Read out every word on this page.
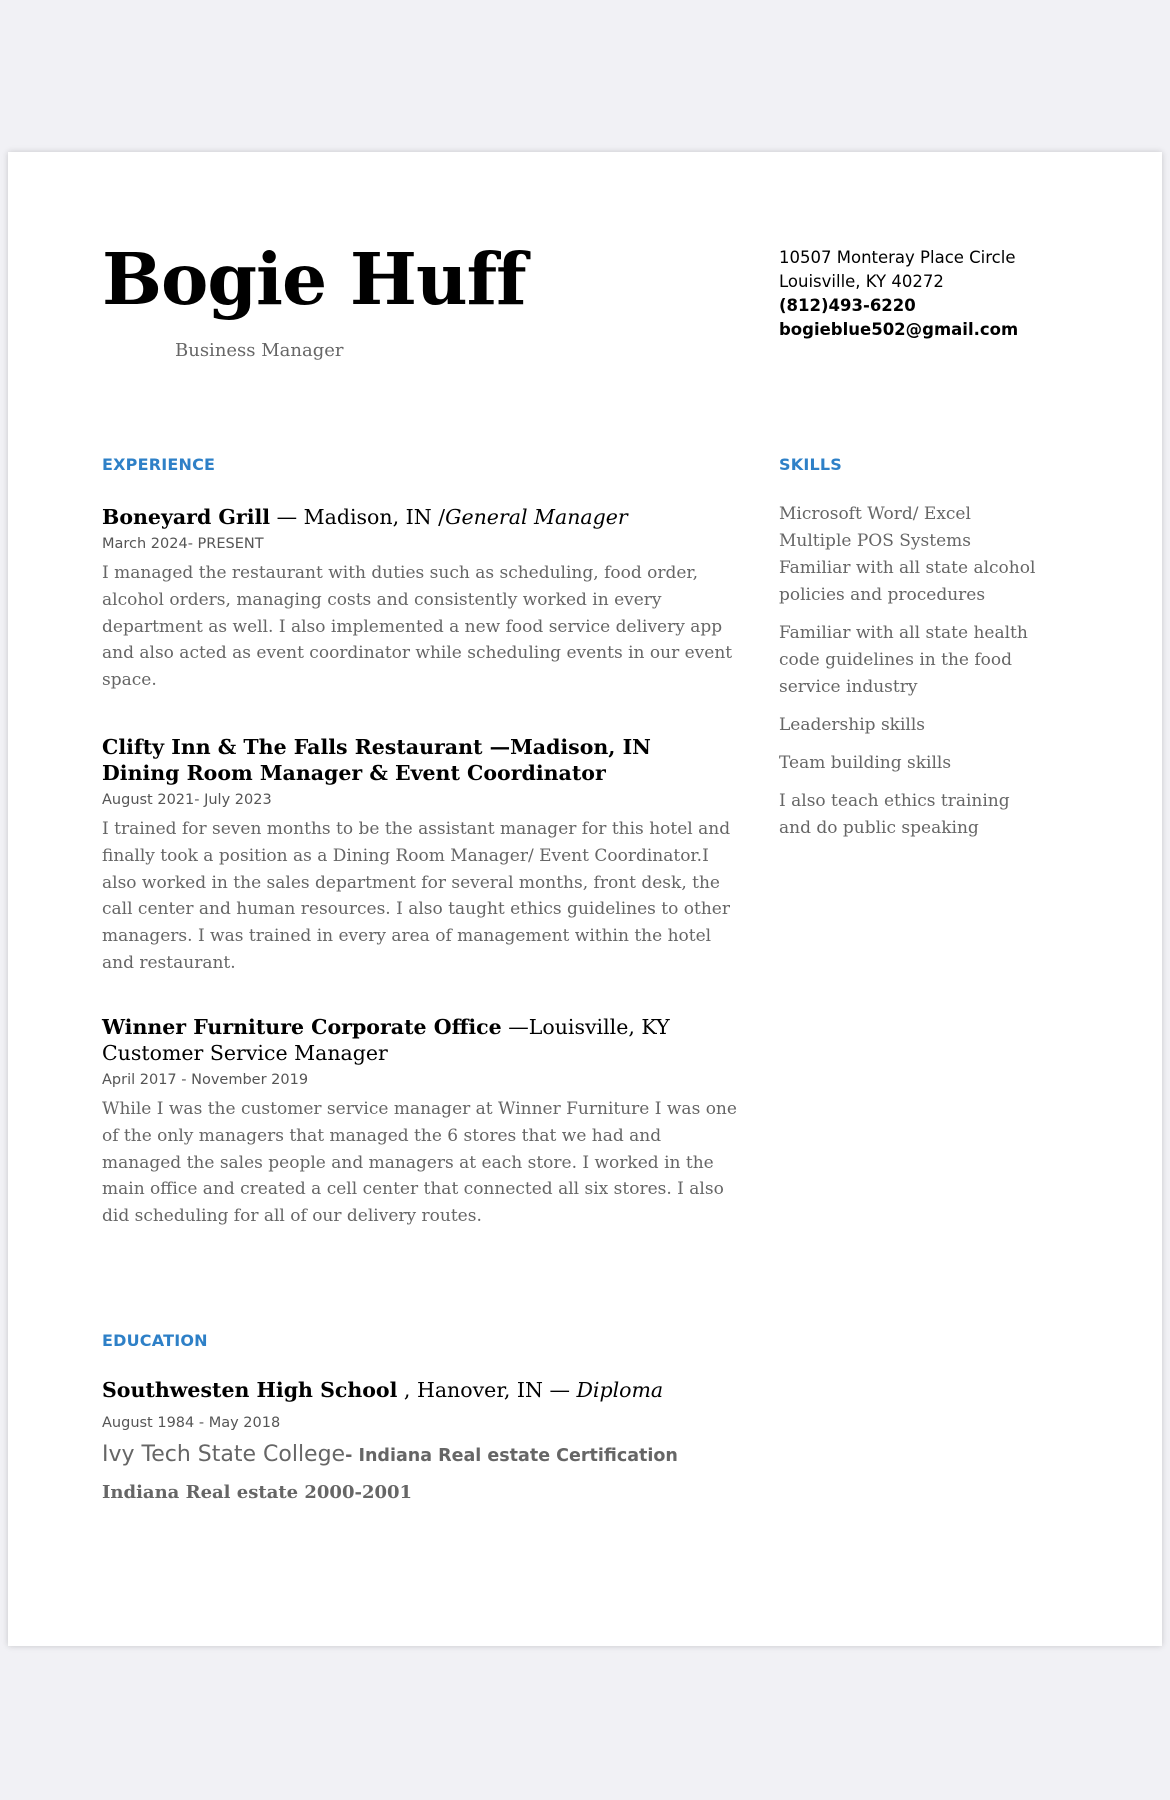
Bogie Huff
Business Manager
10507 Monteray Place Circle
Louisville, KY 40272
(812)493-6220
bogieblue502@gmail.com
EXPERIENCE
Boneyard Grill — Madison, IN /General Manager
March 2024- PRESENT
I managed the restaurant with duties such as scheduling, food order, alcohol orders, managing costs and consistently worked in every department as well. I also implemented a new food service delivery app and also acted as event coordinator while scheduling events in our event space.
Clifty Inn & The Falls Restaurant —Madison, IN
Dining Room Manager & Event Coordinator
August 2021- July 2023
I trained for seven months to be the assistant manager for this hotel and finally took a position as a Dining Room Manager/ Event Coordinator.I also worked in the sales department for several months, front desk, the call center and human resources. I also taught ethics guidelines to other managers. I was trained in every area of management within the hotel and restaurant.
Winner Furniture Corporate Office —Louisville, KY
Customer Service Manager
April 2017 - November 2019
While I was the customer service manager at Winner Furniture I was one of the only managers that managed the 6 stores that we had and managed the sales people and managers at each store. I worked in the main office and created a cell center that connected all six stores. I also did scheduling for all of our delivery routes.
SKILLS
Microsoft Word/ Excel
Multiple POS Systems
Familiar with all state alcohol policies and procedures
Familiar with all state health code guidelines in the food service industry
Leadership skills
Team building skills
I also teach ethics training and do public speaking
EDUCATION
Southwesten High School , Hanover, IN — Diploma
August 1984 - May 2018
Ivy Tech State College- Indiana Real estate Certification
Indiana Real estate 2000-2001
